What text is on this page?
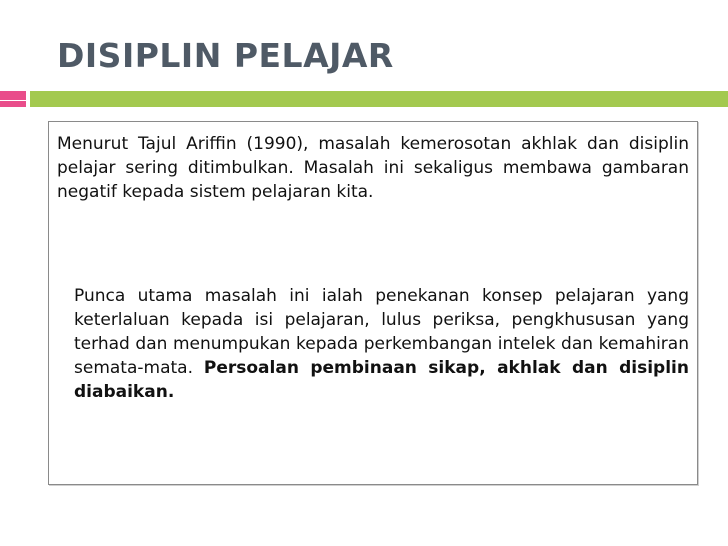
DISIPLIN PELAJAR

Menurut Tajul Ariffin (1990), masalah kemerosotan akhlak dan disiplin pelajar sering ditimbulkan. Masalah ini sekaligus membawa gambaran negatif kepada sistem pelajaran kita.

Punca utama masalah ini ialah penekanan konsep pelajaran yang keterlaluan kepada isi pelajaran, lulus periksa, pengkhususan yang terhad dan menumpukan kepada perkembangan intelek dan kemahiran semata-mata. Persoalan pembinaan sikap, akhlak dan disiplin diabaikan.
